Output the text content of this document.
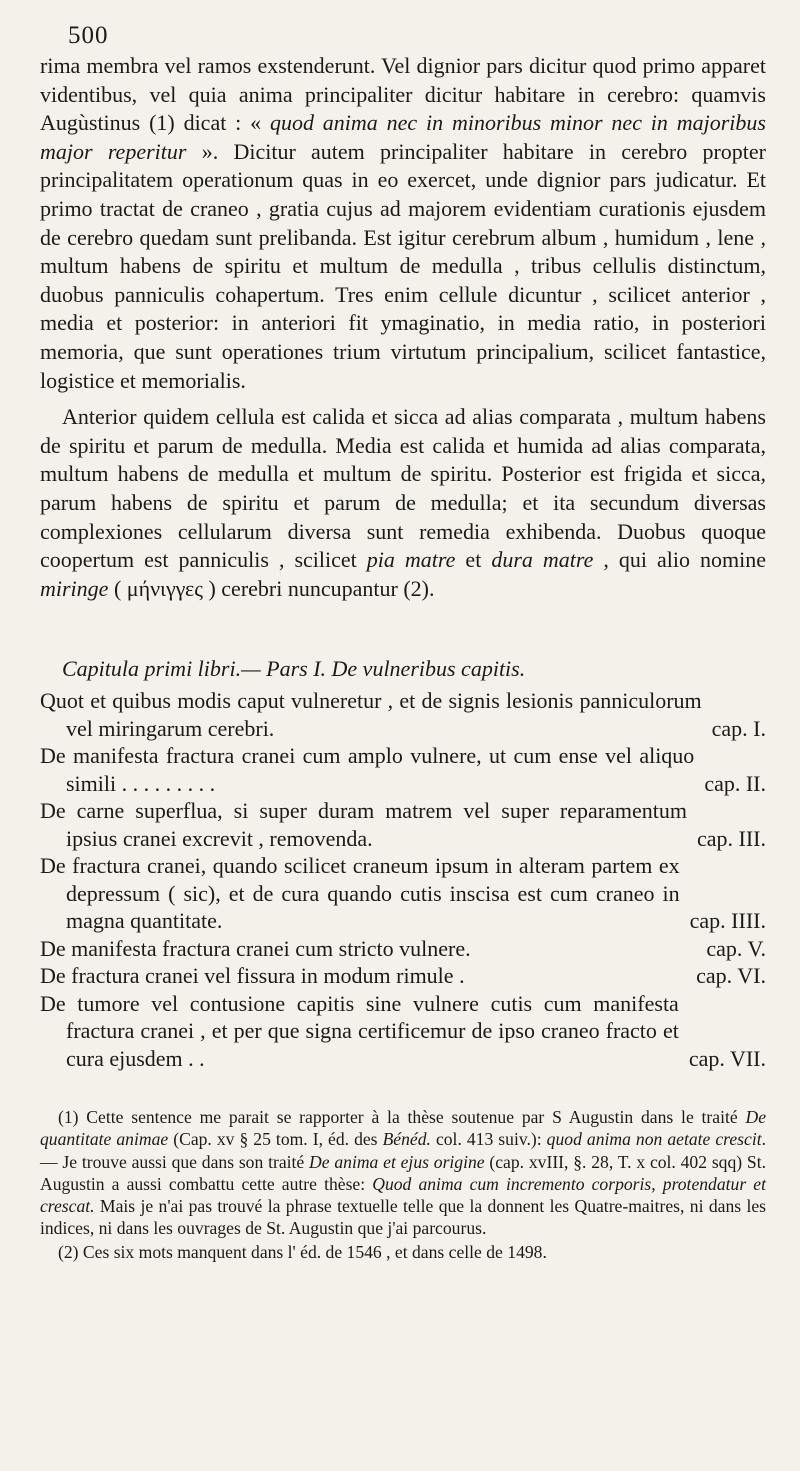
500

rima membra vel ramos exstenderunt. Vel dignior pars dicitur quod primo apparet videntibus, vel quia anima principaliter dicitur habitare in cerebro: quamvis Augùstinus (1) dicat : « quod anima nec in minoribus minor nec in majoribus major reperitur ». Dicitur autem principaliter habitare in cerebro propter principalitatem operationum quas in eo exercet, unde dignior pars judicatur. Et primo tractat de craneo , gratia cujus ad majorem evidentiam curationis ejusdem de cerebro quedam sunt prelibanda. Est igitur cerebrum album , humidum , lene , multum habens de spiritu et multum de medulla , tribus cellulis distinctum, duobus panniculis cohapertum. Tres enim cellule dicuntur , scilicet anterior , media et posterior: in anteriori fit ymaginatio, in media ratio, in posteriori memoria, que sunt operationes trium virtutum principalium, scilicet fantastice, logistice et memorialis.

Anterior quidem cellula est calida et sicca ad alias comparata , multum habens de spiritu et parum de medulla. Media est calida et humida ad alias comparata, multum habens de medulla et multum de spiritu. Posterior est frigida et sicca, parum habens de spiritu et parum de medulla; et ita secundum diversas complexiones cellularum diversa sunt remedia exhibenda. Duobus quoque coopertum est panniculis , scilicet pia matre et dura matre , qui alio nomine miringe ( μήνιγγες ) cerebri nuncupantur (2).

Capitula primi libri.— Pars I. De vulneribus capitis.
Quot et quibus modis caput vulneretur , et de signis lesionis panniculorum vel miringarum cerebri.	cap. I.
De manifesta fractura cranei cum amplo vulnere, ut cum ense vel aliquo simili . . . . . . . . .	cap. II.
De carne superflua, si super duram matrem vel super reparamentum ipsius cranei excrevit , removenda.	cap. III.
De fractura cranei, quando scilicet craneum ipsum in alteram partem ex depressum ( sic), et de cura quando cutis inscisa est cum craneo in magna quantitate.	cap. IIII.
De manifesta fractura cranei cum stricto vulnere.	cap. V.
De fractura cranei vel fissura in modum rimule .	cap. VI.
De tumore vel contusione capitis sine vulnere cutis cum manifesta fractura cranei , et per que signa certificemur de ipso craneo fracto et cura ejusdem . .	cap. VII.

(1) Cette sentence me parait se rapporter à la thèse soutenue par S Augustin dans le traité De quantitate animae (Cap. xv § 25 tom. I, éd. des Bénéd. col. 413 suiv.): quod anima non aetate crescit.— Je trouve aussi que dans son traité De anima et ejus origine (cap. xvIII, §. 28, T. x col. 402 sqq) St. Augustin a aussi combattu cette autre thèse: Quod anima cum incremento corporis, protendatur et crescat. Mais je n'ai pas trouvé la phrase textuelle telle que la donnent les Quatre-maitres, ni dans les indices, ni dans les ouvrages de St. Augustin que j'ai parcourus.

(2) Ces six mots manquent dans l' éd. de 1546 , et dans celle de 1498.
